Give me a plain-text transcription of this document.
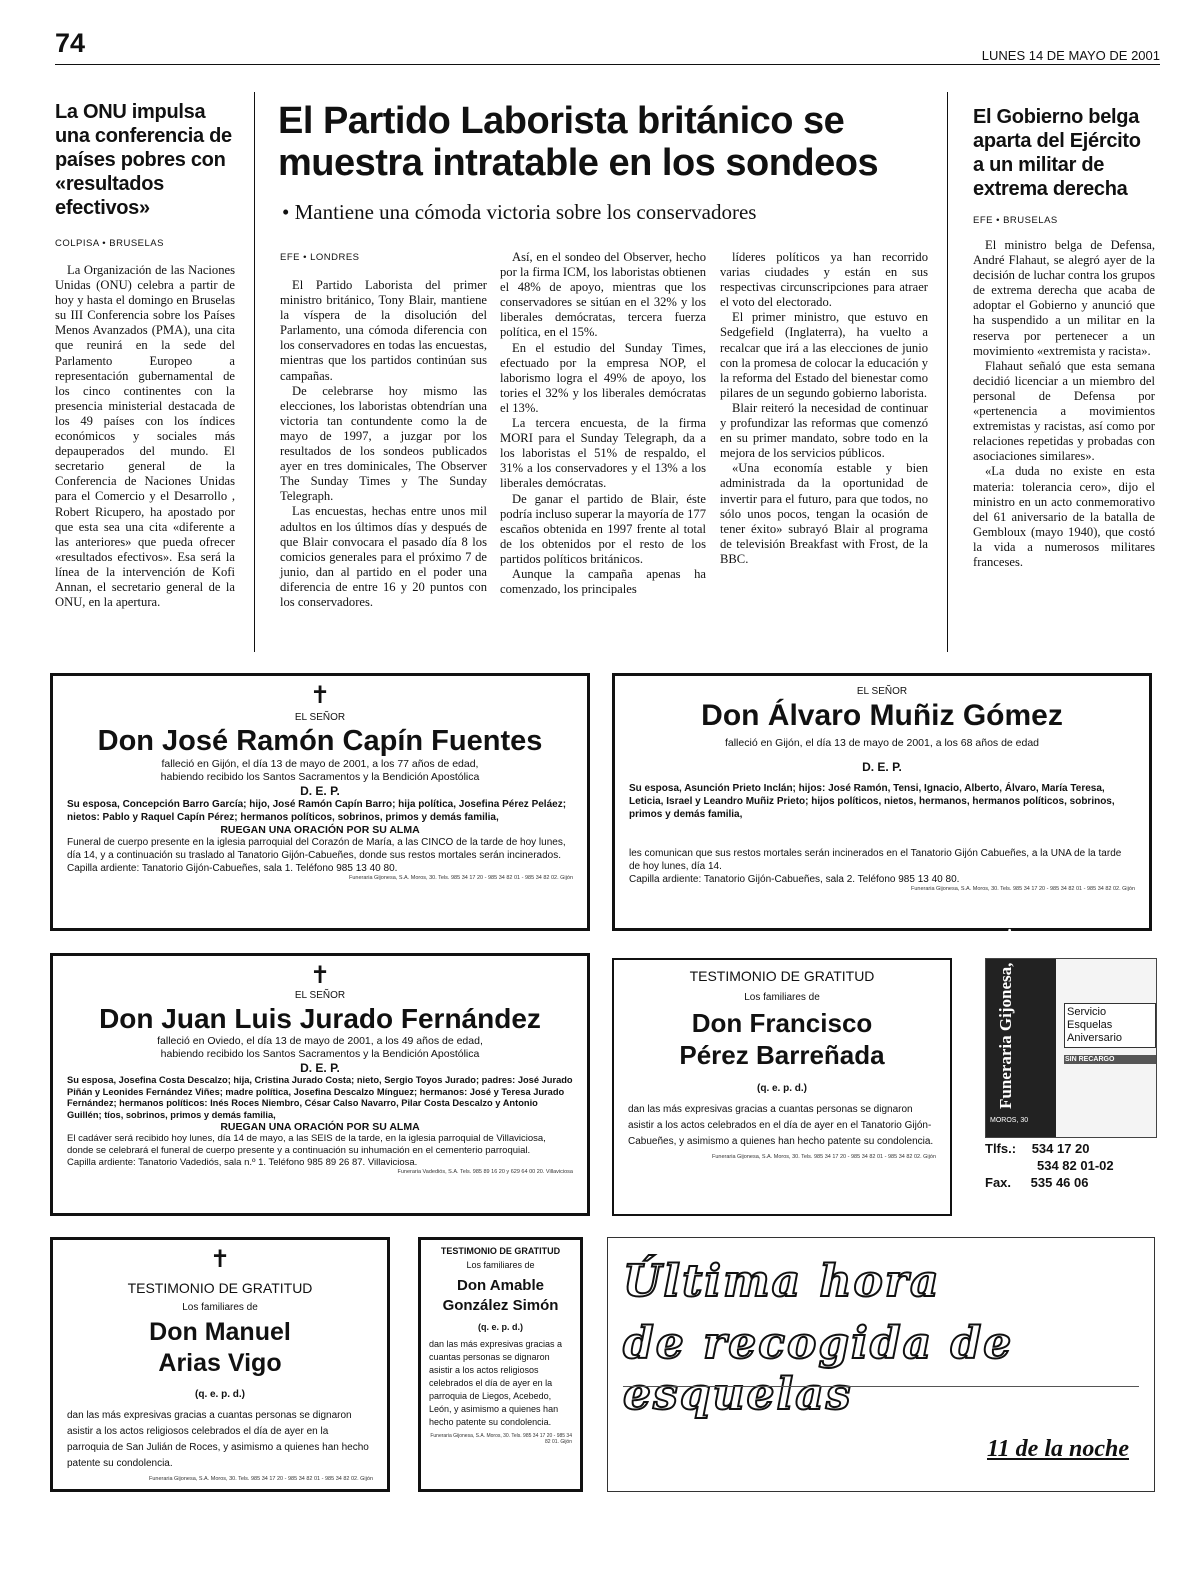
74	LUNES 14 DE MAYO DE 2001
La ONU impulsa una conferencia de países pobres con «resultados efectivos»
COLPISA • BRUSELAS

La Organización de las Naciones Unidas (ONU) celebra a partir de hoy y hasta el domingo en Bruselas su III Conferencia sobre los Países Menos Avanzados (PMA), una cita que reunirá en la sede del Parlamento Europeo a representación gubernamental de los cinco continentes con la presencia ministerial destacada de los 49 países con los índices económicos y sociales más depauperados del mundo. El secretario general de la Conferencia de Naciones Unidas para el Comercio y el Desarrollo , Robert Ricupero, ha apostado por que esta sea una cita «diferente a las anteriores» que pueda ofrecer «resultados efectivos». Esa será la línea de la intervención de Kofi Annan, el secretario general de la ONU, en la apertura.

El Partido Laborista británico se muestra intratable en los sondeos
• Mantiene una cómoda victoria sobre los conservadores
EFE • LONDRES

El Partido Laborista del primer ministro británico, Tony Blair, mantiene la víspera de la disolución del Parlamento, una cómoda diferencia con los conservadores en todas las encuestas, mientras que los partidos continúan sus campañas.

De celebrarse hoy mismo las elecciones, los laboristas obtendrían una victoria tan contundente como la de mayo de 1997, a juzgar por los resultados de los sondeos publicados ayer en tres dominicales, The Observer The Sunday Times y The Sunday Telegraph.

Las encuestas, hechas entre unos mil adultos en los últimos días y después de que Blair convocara el pasado día 8 los comicios generales para el próximo 7 de junio, dan al partido en el poder una diferencia de entre 16 y 20 puntos con los conservadores.

Así, en el sondeo del Observer, hecho por la firma ICM, los laboristas obtienen el 48% de apoyo, mientras que los conservadores se sitúan en el 32% y los liberales demócratas, tercera fuerza política, en el 15%.

En el estudio del Sunday Times, efectuado por la empresa NOP, el laborismo logra el 49% de apoyo, los tories el 32% y los liberales demócratas el 13%.

La tercera encuesta, de la firma MORI para el Sunday Telegraph, da a los laboristas el 51% de respaldo, el 31% a los conservadores y el 13% a los liberales demócratas.

De ganar el partido de Blair, éste podría incluso superar la mayoría de 177 escaños obtenida en 1997 frente al total de los obtenidos por el resto de los partidos políticos británicos.

Aunque la campaña apenas ha comenzado, los principales

líderes políticos ya han recorrido varias ciudades y están en sus respectivas circunscripciones para atraer el voto del electorado.

El primer ministro, que estuvo en Sedgefield (Inglaterra), ha vuelto a recalcar que irá a las elecciones de junio con la promesa de colocar la educación y la reforma del Estado del bienestar como pilares de un segundo gobierno laborista.

Blair reiteró la necesidad de continuar y profundizar las reformas que comenzó en su primer mandato, sobre todo en la mejora de los servicios públicos.

«Una economía estable y bien administrada da la oportunidad de invertir para el futuro, para que todos, no sólo unos pocos, tengan la ocasión de tener éxito» subrayó Blair al programa de televisión Breakfast with Frost, de la BBC.

El Gobierno belga aparta del Ejército a un militar de extrema derecha
EFE • BRUSELAS

El ministro belga de Defensa, André Flahaut, se alegró ayer de la decisión de luchar contra los grupos de extrema derecha que acaba de adoptar el Gobierno y anunció que ha suspendido a un militar en la reserva por pertenecer a un movimiento «extremista y racista».

Flahaut señaló que esta semana decidió licenciar a un miembro del personal de Defensa por «pertenencia a movimientos extremistas y racistas, así como por relaciones repetidas y probadas con asociaciones similares».

«La duda no existe en esta materia: tolerancia cero», dijo el ministro en un acto conmemorativo del 61 aniversario de la batalla de Gembloux (mayo 1940), que costó la vida a numerosos militares franceses.

✝
EL SEÑOR
Don José Ramón Capín Fuentes
falleció en Gijón, el día 13 de mayo de 2001, a los 77 años de edad, habiendo recibido los Santos Sacramentos y la Bendición Apostólica
D. E. P.
Su esposa, Concepción Barro García; hijo, José Ramón Capín Barro; hija política, Josefina Pérez Peláez; nietos: Pablo y Raquel Capín Pérez; hermanos políticos, sobrinos, primos y demás familia,
RUEGAN UNA ORACIÓN POR SU ALMA
Funeral de cuerpo presente en la iglesia parroquial del Corazón de María, a las CINCO de la tarde de hoy lunes, día 14, y a continuación su traslado al Tanatorio Gijón-Cabueñes, donde sus restos mortales serán incinerados.
Capilla ardiente: Tanatorio Gijón-Cabueñes, sala 1. Teléfono 985 13 40 80.
Funeraria Gijonesa, S.A. Moros, 30. Tels. 985 34 17 20 - 985 34 82 01 - 985 34 82 02. Gijón
EL SEÑOR
Don Álvaro Muñiz Gómez
falleció en Gijón, el día 13 de mayo de 2001, a los 68 años de edad
D. E. P.
Su esposa, Asunción Prieto Inclán; hijos: José Ramón, Tensi, Ignacio, Alberto, Álvaro, María Teresa, Leticia, Israel y Leandro Muñiz Prieto; hijos políticos, nietos, hermanos, hermanos políticos, sobrinos, primos y demás familia,
les comunican que sus restos mortales serán incinerados en el Tanatorio Gijón Cabueñes, a la UNA de la tarde de hoy lunes, día 14.
Capilla ardiente: Tanatorio Gijón-Cabueñes, sala 2. Teléfono 985 13 40 80.
Funeraria Gijonesa, S.A. Moros, 30. Tels. 985 34 17 20 - 985 34 82 01 - 985 34 82 02. Gijón
✝
EL SEÑOR
Don Juan Luis Jurado Fernández
falleció en Oviedo, el día 13 de mayo de 2001, a los 49 años de edad, habiendo recibido los Santos Sacramentos y la Bendición Apostólica
D. E. P.
Su esposa, Josefina Costa Descalzo; hija, Cristina Jurado Costa; nieto, Sergio Toyos Jurado; padres: José Jurado Piñán y Leonides Fernández Viñes; madre política, Josefina Descalzo Mínguez; hermanos: José y Teresa Jurado Fernández; hermanos políticos: Inés Roces Niembro, César Calso Navarro, Pilar Costa Descalzo y Antonio Guillén; tíos, sobrinos, primos y demás familia,
RUEGAN UNA ORACIÓN POR SU ALMA
El cadáver será recibido hoy lunes, día 14 de mayo, a las SEIS de la tarde, en la iglesia parroquial de Villaviciosa, donde se celebrará el funeral de cuerpo presente y a continuación su inhumación en el cementerio parroquial.
Capilla ardiente: Tanatorio Vadediós, sala n.º 1. Teléfono 985 89 26 87. Villaviciosa.
Funeraria Vadediós, S.A. Tels. 985 89 16 20 y 629 64 00 20. Villaviciosa
TESTIMONIO DE GRATITUD
Los familiares de
Don Francisco Pérez Barreñada
(q. e. p. d.)
dan las más expresivas gracias a cuantas personas se dignaron asistir a los actos celebrados en el día de ayer en el Tanatorio Gijón-Cabueñes, y asimismo a quienes han hecho patente su condolencia.
Funeraria Gijonesa, S.A. Moros, 30. Tels. 985 34 17 20 - 985 34 82 01 - 985 34 82 02. Gijón
Funeraria Gijonesa, S.A.
MOROS, 30
Servicio Esquelas Aniversario
SIN RECARGO
Tlfs.: 534 17 20
534 82 01-02
Fax. 535 46 06
✝
TESTIMONIO DE GRATITUD
Los familiares de
Don Manuel Arias Vigo
(q. e. p. d.)
dan las más expresivas gracias a cuantas personas se dignaron asistir a los actos religiosos celebrados el día de ayer en la parroquia de San Julián de Roces, y asimismo a quienes han hecho patente su condolencia.
Funeraria Gijonesa, S.A. Moros, 30. Tels. 985 34 17 20 - 985 34 82 01 - 985 34 82 02. Gijón
TESTIMONIO DE GRATITUD
Los familiares de
Don Amable González Simón
(q. e. p. d.)
dan las más expresivas gracias a cuantas personas se dignaron asistir a los actos religiosos celebrados el día de ayer en la parroquia de Liegos, Acebedo, León, y asimismo a quienes han hecho patente su condolencia.
Funeraria Gijonesa, S.A. Moros, 30. Tels. 985 34 17 20 - 985 34 82 01. Gijón
Última hora
de recogida de esquelas
11 de la noche
